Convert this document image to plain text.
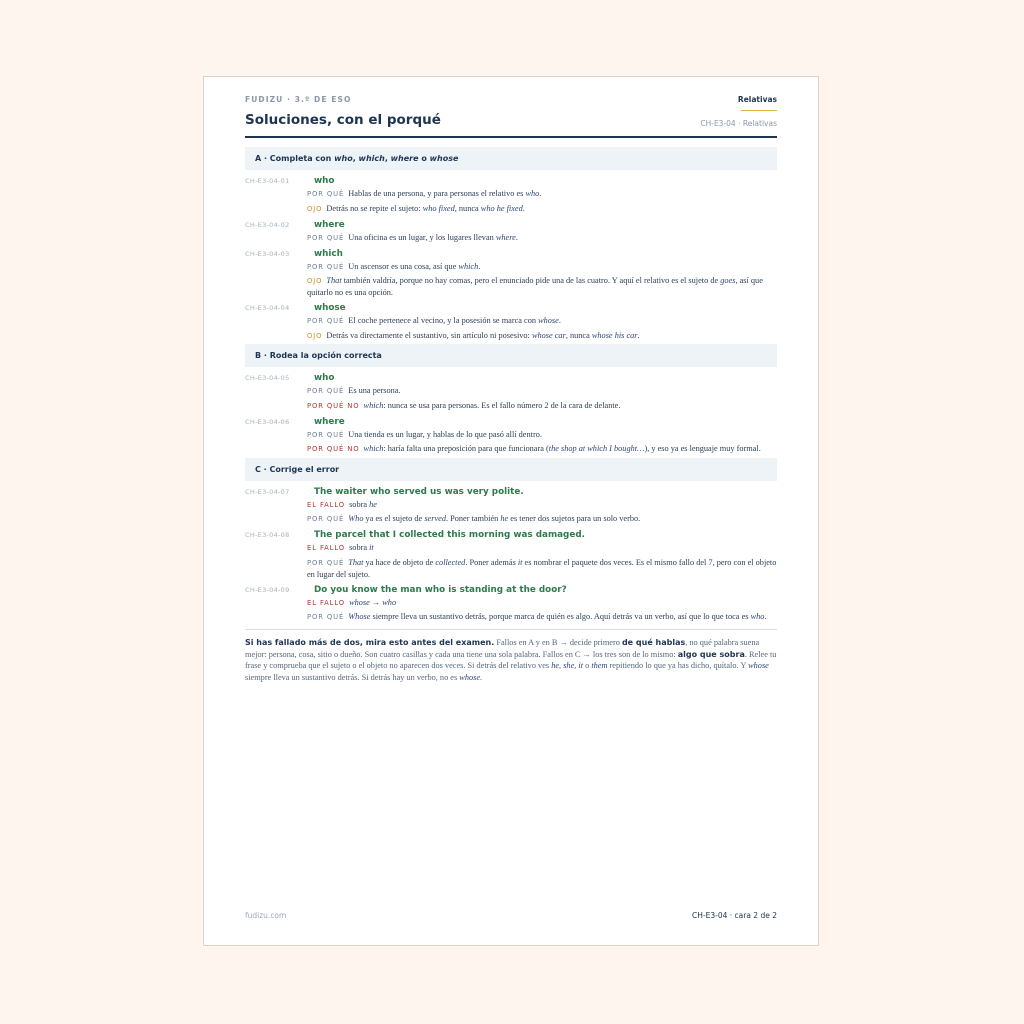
FUDIZU · 3.º DE ESO	Relativas
Soluciones, con el porqué	CH-E3-04 · Relativas
A · Completa con who, which, where o whose
CH-E3-04-01	who
POR QUÉ Hablas de una persona, y para personas el relativo es who.
OJO Detrás no se repite el sujeto: who fixed, nunca who he fixed.
CH-E3-04-02	where
POR QUÉ Una oficina es un lugar, y los lugares llevan where.
CH-E3-04-03	which
POR QUÉ Un ascensor es una cosa, así que which.
OJO That también valdría, porque no hay comas, pero el enunciado pide una de las cuatro. Y aquí el relativo es el sujeto de goes, así que quitarlo no es una opción.
CH-E3-04-04	whose
POR QUÉ El coche pertenece al vecino, y la posesión se marca con whose.
OJO Detrás va directamente el sustantivo, sin artículo ni posesivo: whose car, nunca whose his car.
B · Rodea la opción correcta
CH-E3-04-05	who
POR QUÉ Es una persona.
POR QUÉ NO which: nunca se usa para personas. Es el fallo número 2 de la cara de delante.
CH-E3-04-06	where
POR QUÉ Una tienda es un lugar, y hablas de lo que pasó allí dentro.
POR QUÉ NO which: haría falta una preposición para que funcionara (the shop at which I bought…), y eso ya es lenguaje muy formal.
C · Corrige el error
CH-E3-04-07	The waiter who served us was very polite.
EL FALLO sobra he
POR QUÉ Who ya es el sujeto de served. Poner también he es tener dos sujetos para un solo verbo.
CH-E3-04-08	The parcel that I collected this morning was damaged.
EL FALLO sobra it
POR QUÉ That ya hace de objeto de collected. Poner además it es nombrar el paquete dos veces. Es el mismo fallo del 7, pero con el objeto en lugar del sujeto.
CH-E3-04-09	Do you know the man who is standing at the door?
EL FALLO whose → who
POR QUÉ Whose siempre lleva un sustantivo detrás, porque marca de quién es algo. Aquí detrás va un verbo, así que lo que toca es who.
Si has fallado más de dos, mira esto antes del examen. Fallos en A y en B → decide primero de qué hablas, no qué palabra suena mejor: persona, cosa, sitio o dueño. Son cuatro casillas y cada una tiene una sola palabra. Fallos en C → los tres son de lo mismo: algo que sobra. Relee tu frase y comprueba que el sujeto o el objeto no aparecen dos veces. Si detrás del relativo ves he, she, it o them repitiendo lo que ya has dicho, quítalo. Y whose siempre lleva un sustantivo detrás. Si detrás hay un verbo, no es whose.
fudizu.com	CH-E3-04 · cara 2 de 2
